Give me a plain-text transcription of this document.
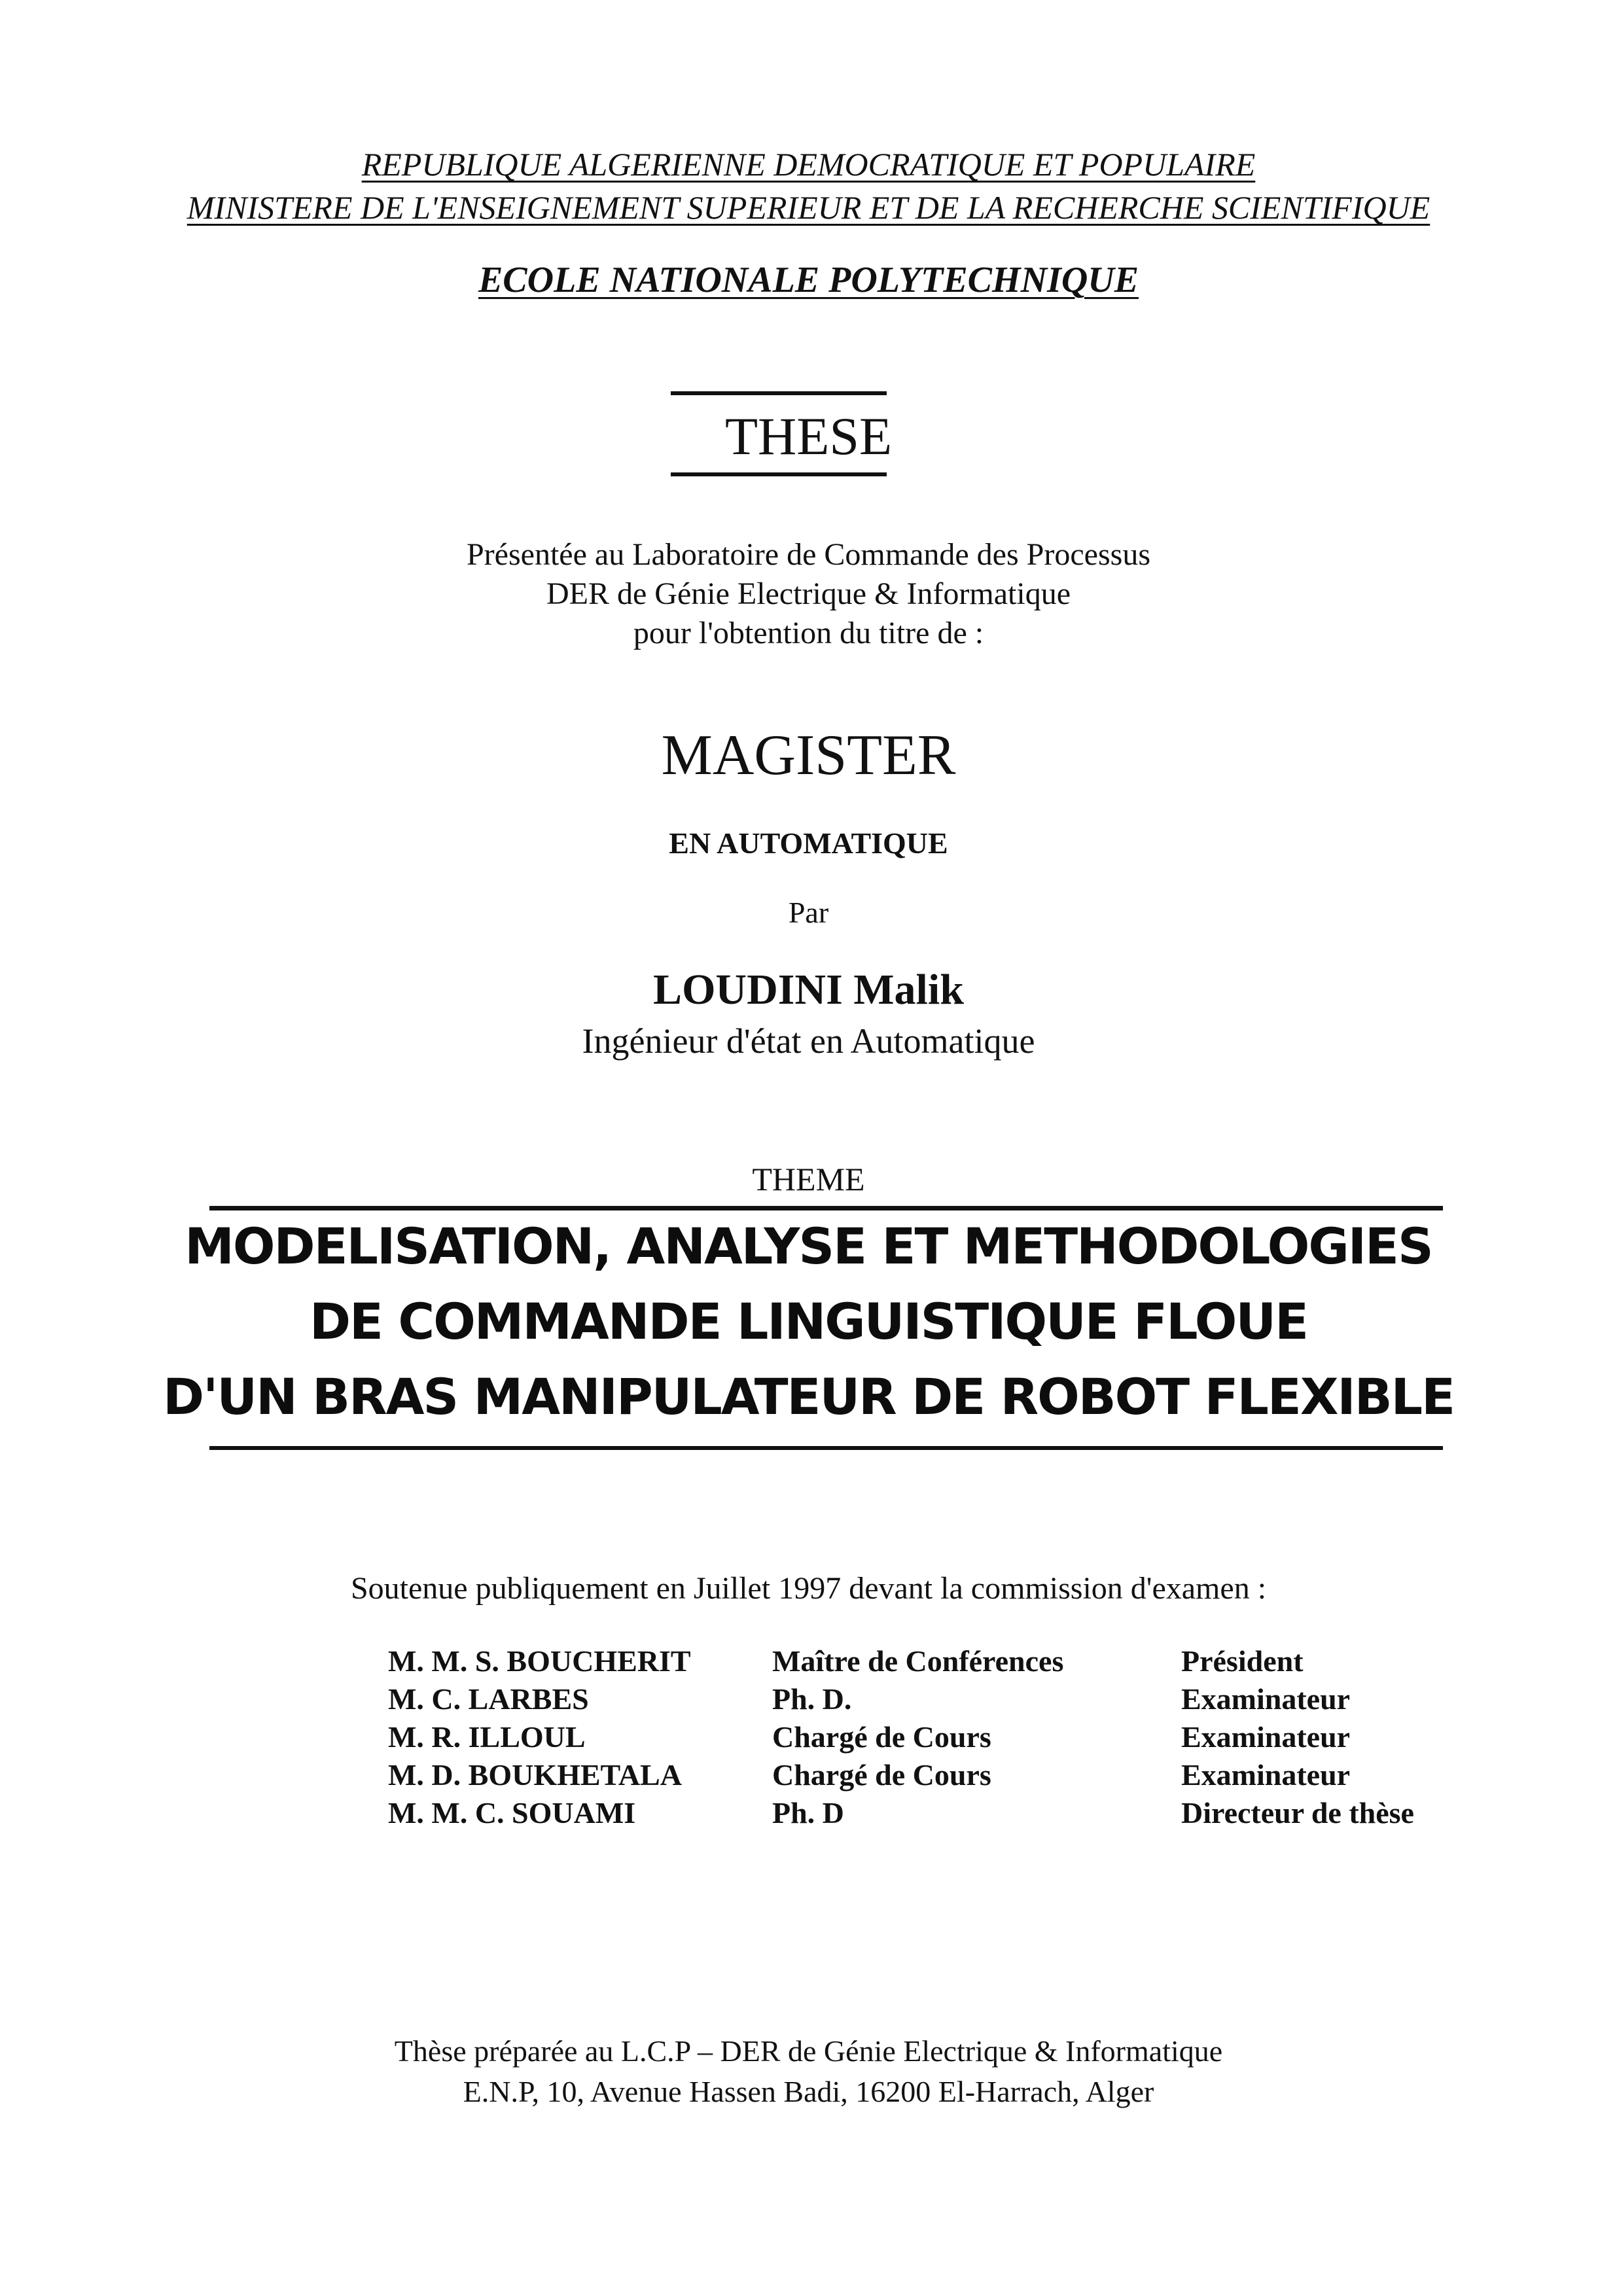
REPUBLIQUE ALGERIENNE DEMOCRATIQUE ET POPULAIRE
MINISTERE DE L'ENSEIGNEMENT SUPERIEUR ET DE LA RECHERCHE SCIENTIFIQUE
ECOLE NATIONALE POLYTECHNIQUE
THESE
Présentée au Laboratoire de Commande des Processus
DER de Génie Electrique & Informatique
pour l'obtention du titre de :
MAGISTER
EN AUTOMATIQUE
Par
LOUDINI Malik
Ingénieur d'état en Automatique
THEME
MODELISATION, ANALYSE ET METHODOLOGIES
DE COMMANDE LINGUISTIQUE FLOUE
D'UN BRAS MANIPULATEUR DE ROBOT FLEXIBLE
Soutenue publiquement en Juillet 1997 devant la commission d'examen :
M. M. S. BOUCHERIT	Maître de Conférences	Président
M. C. LARBES	Ph. D.	Examinateur
M. R. ILLOUL	Chargé de Cours	Examinateur
M. D. BOUKHETALA	Chargé de Cours	Examinateur
M. M. C. SOUAMI	Ph. D	Directeur de thèse
Thèse préparée au L.C.P – DER de Génie Electrique & Informatique
E.N.P, 10, Avenue Hassen Badi, 16200 El-Harrach, Alger
